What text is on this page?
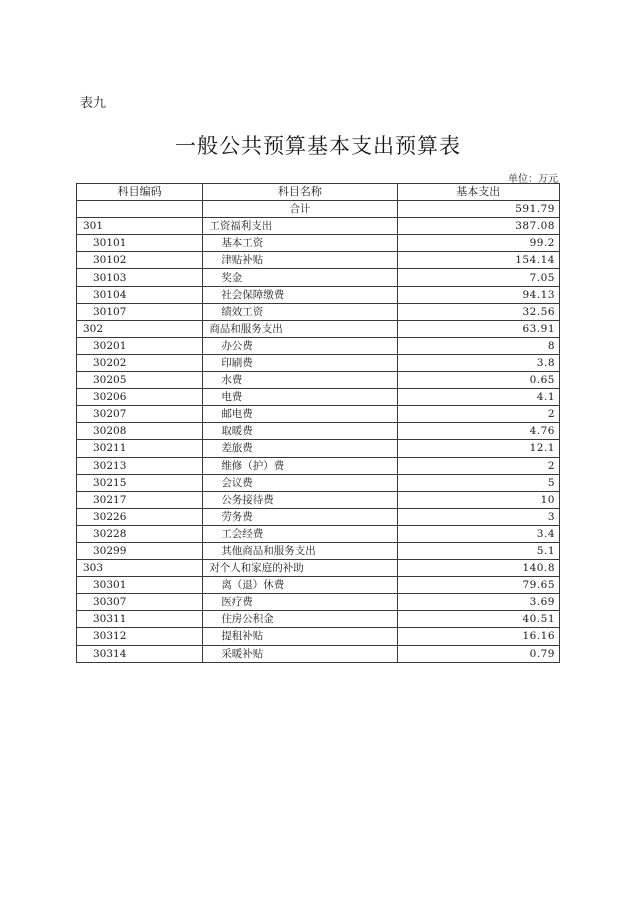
表九
一般公共预算基本支出预算表
单位：万元
科目编码	科目名称	基本支出
	合计	591.79
301	工资福利支出	387.08
30101	基本工资	99.2
30102	津贴补贴	154.14
30103	奖金	7.05
30104	社会保障缴费	94.13
30107	绩效工资	32.56
302	商品和服务支出	63.91
30201	办公费	8
30202	印刷费	3.8
30205	水费	0.65
30206	电费	4.1
30207	邮电费	2
30208	取暖费	4.76
30211	差旅费	12.1
30213	维修（护）费	2
30215	会议费	5
30217	公务接待费	10
30226	劳务费	3
30228	工会经费	3.4
30299	其他商品和服务支出	5.1
303	对个人和家庭的补助	140.8
30301	离（退）休费	79.65
30307	医疗费	3.69
30311	住房公积金	40.51
30312	提租补贴	16.16
30314	采暖补贴	0.79
